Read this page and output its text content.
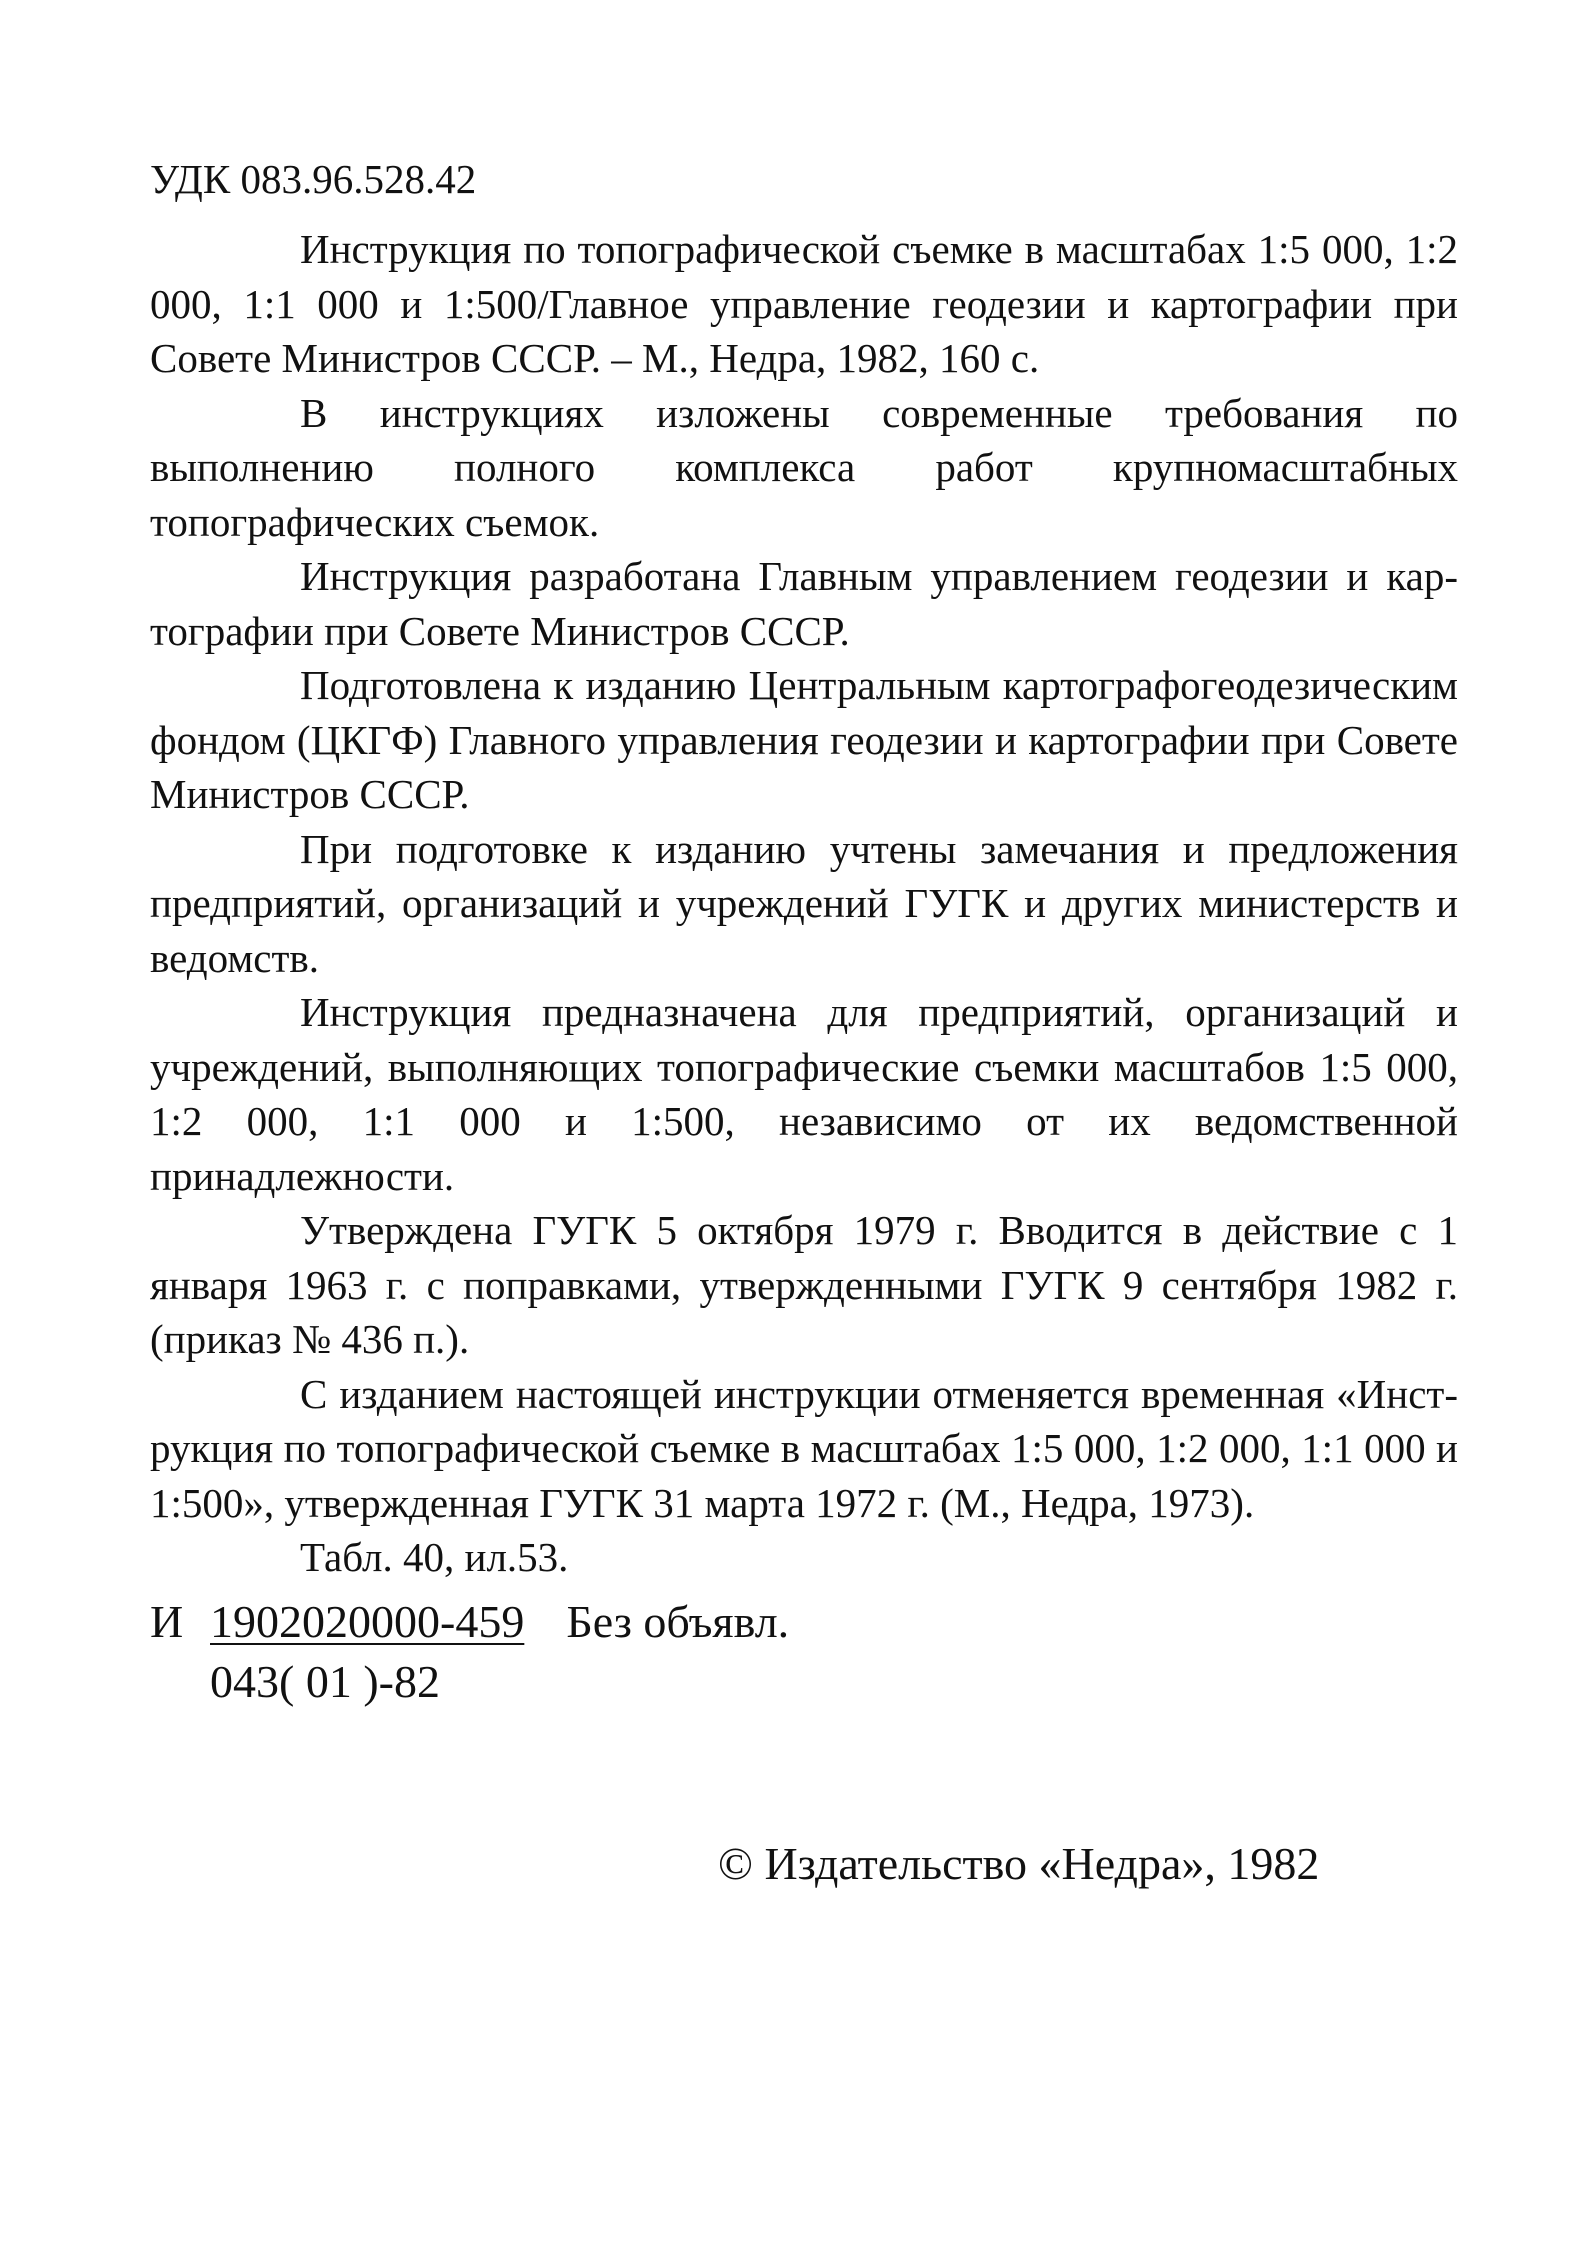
УДК 083.96.528.42

Инструкция по топографической съемке в масштабах 1:5 000, 1:2 000, 1:1 000 и 1:500/Главное управление геодезии и картографии при Совете Министров СССР. – М., Недра, 1982, 160 с.

В инструкциях изложены современные требования по выполнению полного комплекса работ крупномасштабных топографических съемок.

Инструкция разработана Главным управлением геодезии и картографии при Совете Министров СССР.

Подготовлена к изданию Центральным картографогеодезическим фондом (ЦКГФ) Главного управления геодезии и картографии при Совете Министров СССР.

При подготовке к изданию учтены замечания и предложения предприятий, организаций и учреждений ГУГК и других министерств и ведомств.

Инструкция предназначена для предприятий, организаций и учреждений, выполняющих топографические съемки масштабов 1:5 000, 1:2 000, 1:1 000 и 1:500, независимо от их ведомственной принадлежности.

Утверждена ГУГК 5 октября 1979 г. Вводится в действие с 1 января 1963 г. с поправками, утвержденными ГУГК 9 сентября 1982 г. (приказ № 436 п.).

С изданием настоящей инструкции отменяется временная «Инструкция по топографической съемке в масштабах 1:5 000, 1:2 000, 1:1 000 и 1:500», утвержденная ГУГК 31 марта 1972 г. (М., Недра, 1973).

Табл. 40, ил.53.

И 1902020000-459 Без объявл.
043( 01 )-82
© Издательство «Недра», 1982
